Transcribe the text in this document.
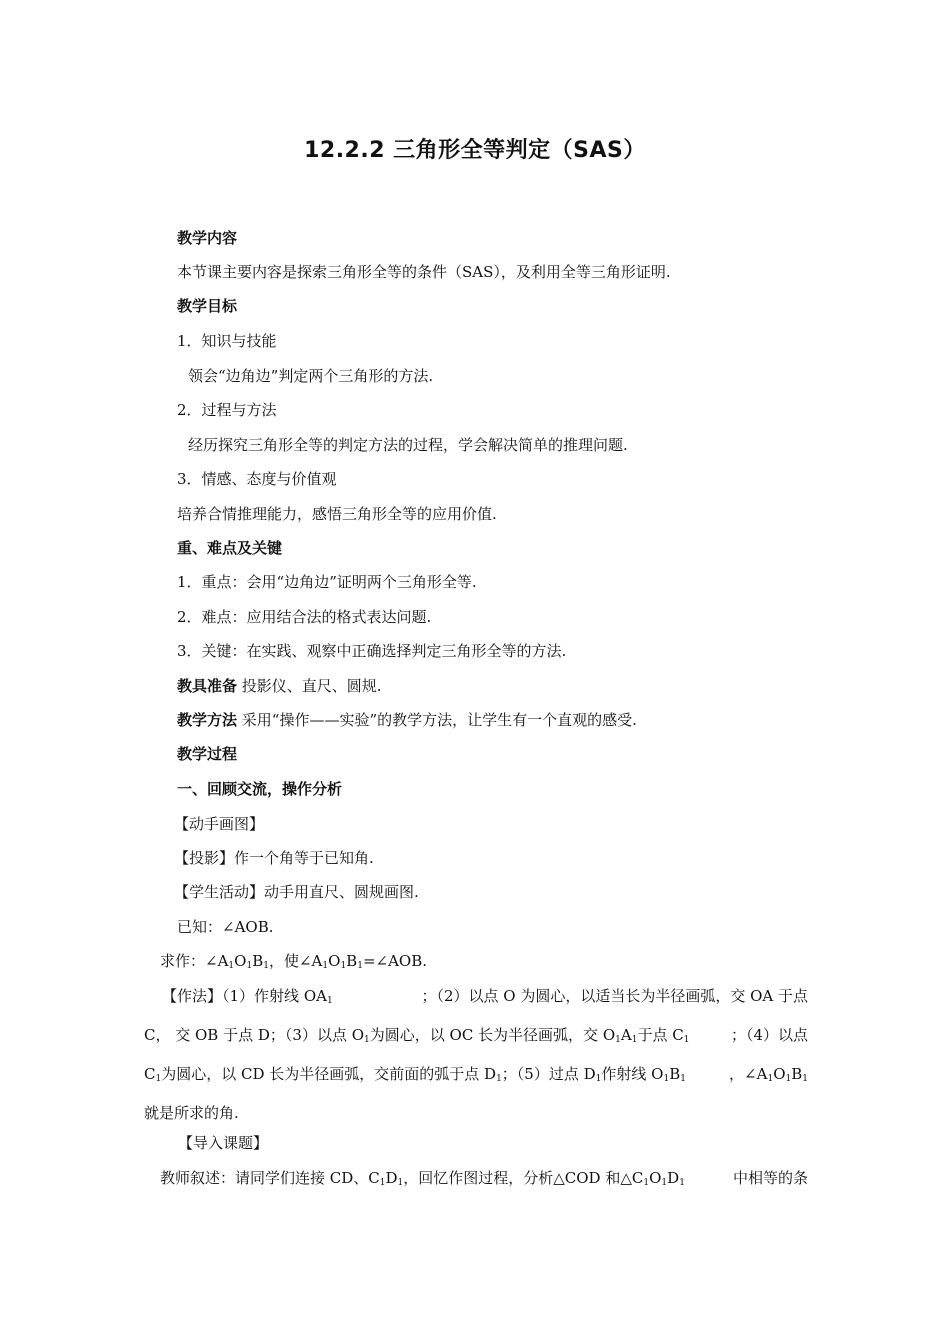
12.2.2 三角形全等判定（SAS）
教学内容
本节课主要内容是探索三角形全等的条件（SAS），及利用全等三角形证明.
教学目标
1．知识与技能
领会“边角边”判定两个三角形的方法.
2．过程与方法
经历探究三角形全等的判定方法的过程，学会解决简单的推理问题.
3．情感、态度与价值观
培养合情推理能力，感悟三角形全等的应用价值.
重、难点及关键
1．重点：会用“边角边”证明两个三角形全等.
2．难点：应用结合法的格式表达问题.
3．关键：在实践、观察中正确选择判定三角形全等的方法.
教具准备 投影仪、直尺、圆规.
教学方法 采用“操作——实验”的教学方法，让学生有一个直观的感受.
教学过程
一、回顾交流，操作分析
【动手画图】
【投影】作一个角等于已知角.
【学生活动】动手用直尺、圆规画图.
已知：∠AOB.
求作：$\angle A_1O_1B_1$，使$\angle A_1O_1B_1=\angle AOB$.
【作法】（1）作射线 $OA_1$	；（2）以点 O 为圆心，以适当长为半径画弧，交 OA 于点
C， 交 OB 于点 D；（3）以点 $O_1$为圆心，以 OC 长为半径画弧，交 $O_1A_1$于点 $C_1$	；（4）以点
$C_1$为圆心，以 CD 长为半径画弧，交前面的弧于点 $D_1$；（5）过点 $D_1$作射线 $O_1B_1$	，$\angle A_1O_1B_1$
就是所求的角.
【导入课题】
教师叙述：请同学们连接 CD、$C_1D_1$，回忆作图过程，分析△COD 和$\triangle C_1O_1D_1$	中相等的条
